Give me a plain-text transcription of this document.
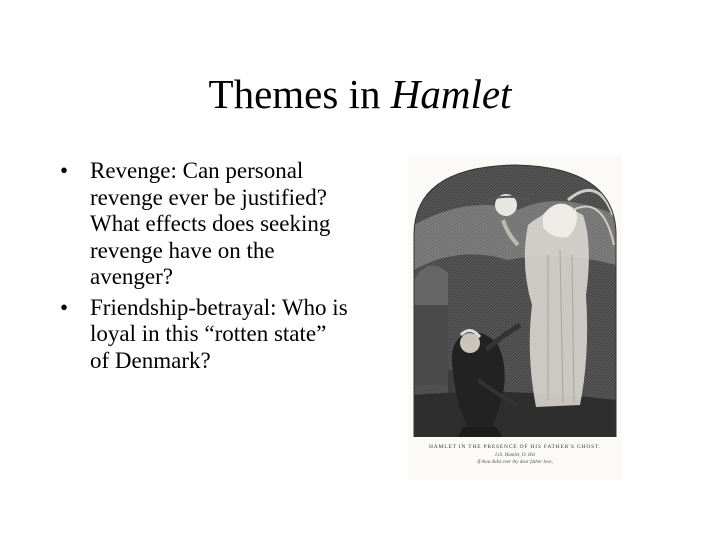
Themes in Hamlet
• Revenge: Can personal revenge ever be justified? What effects does seeking revenge have on the avenger?
• Friendship-betrayal: Who is loyal in this “rotten state” of Denmark?
HAMLET IN THE PRESENCE OF HIS FATHER'S GHOST.
I.iii. Hamlet, O. Hst
If thou didst ever thy dear father love,
